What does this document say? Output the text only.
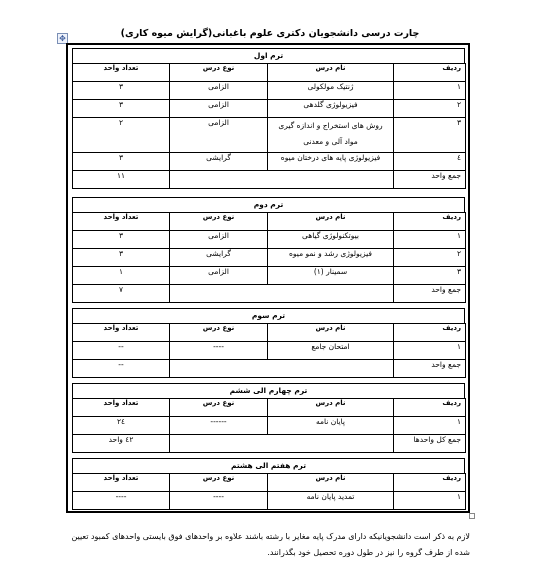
چارت درسی دانشجویان دکتری علوم باغبانی(گرایش میوه کاری)
✥
ترم اول
ردیف	نام درس	نوع درس	تعداد واحد
۱	ژنتیک مولکولی	الزامی	۳
۲	فیزیولوژی گلدهی	الزامی	۳
۳	روش های استخراج و اندازه گیری مواد آلی و معدنی	الزامی	۲
٤	فیزیولوژی پایه های درختان میوه	گرایشی	۳
جمع واحد			۱۱
ترم دوم
ردیف	نام درس	نوع درس	تعداد واحد
۱	بیوتکنولوژی گیاهی	الزامی	۳
۲	فیزیولوژی رشد و نمو میوه	گرایشی	۳
۳	سمینار (۱)	الزامی	۱
جمع واحد			۷
ترم سوم
ردیف	نام درس	نوع درس	تعداد واحد
۱	امتحان جامع	----	--
جمع واحد			--
ترم چهارم الی ششم
ردیف	نام درس	نوع درس	تعداد واحد
۱	پایان نامه	------	۲٤
جمع کل واحدها			٤۲ واحد
ترم هفتم الی هشتم
ردیف	نام درس	نوع درس	تعداد واحد
۱	تمدید پایان نامه	----	----
لازم به ذکر است دانشجویانیکه دارای مدرک پایه مغایر با رشته باشند علاوه بر واحدهای فوق بایستی واحدهای کمبود تعیین
شده از طرف گروه را نیز در طول دوره تحصیل خود بگذرانند.
